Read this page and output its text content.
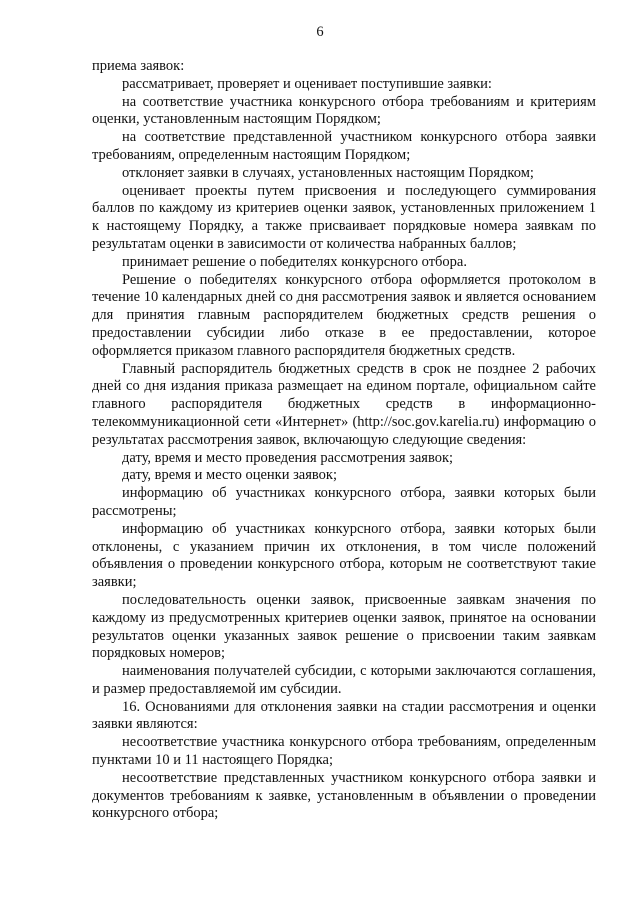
6

приема заявок:

рассматривает, проверяет и оценивает поступившие заявки:

на соответствие участника конкурсного отбора требованиям и критериям оценки, установленным настоящим Порядком;

на соответствие представленной участником конкурсного отбора заявки требованиям, определенным настоящим Порядком;

отклоняет заявки в случаях, установленных настоящим Порядком;

оценивает проекты путем присвоения и последующего суммирования баллов по каждому из критериев оценки заявок, установленных приложением 1 к настоящему Порядку, а также присваивает порядковые номера заявкам по результатам оценки в зависимости от количества набранных баллов;

принимает решение о победителях конкурсного отбора.

Решение о победителях конкурсного отбора оформляется протоколом в течение 10 календарных дней со дня рассмотрения заявок и является основанием для принятия главным распорядителем бюджетных средств решения о предоставлении субсидии либо отказе в ее предоставлении, которое оформляется приказом главного распорядителя бюджетных средств.

Главный распорядитель бюджетных средств в срок не позднее 2 рабочих дней со дня издания приказа размещает на едином портале, официальном сайте главного распорядителя бюджетных средств в информационно-телекоммуникационной сети «Интернет» (http://soc.gov.karelia.ru) информацию о результатах рассмотрения заявок, включающую следующие сведения:

дату, время и место проведения рассмотрения заявок;

дату, время и место оценки заявок;

информацию об участниках конкурсного отбора, заявки которых были рассмотрены;

информацию об участниках конкурсного отбора, заявки которых были отклонены, с указанием причин их отклонения, в том числе положений объявления о проведении конкурсного отбора, которым не соответствуют такие заявки;

последовательность оценки заявок, присвоенные заявкам значения по каждому из предусмотренных критериев оценки заявок, принятое на основании результатов оценки указанных заявок решение о присвоении таким заявкам порядковых номеров;

наименования получателей субсидии, с которыми заключаются соглашения, и размер предоставляемой им субсидии.

16. Основаниями для отклонения заявки на стадии рассмотрения и оценки заявки являются:

несоответствие участника конкурсного отбора требованиям, определенным пунктами 10 и 11 настоящего Порядка;

несоответствие представленных участником конкурсного отбора заявки и документов требованиям к заявке, установленным в объявлении о проведении конкурсного отбора;
